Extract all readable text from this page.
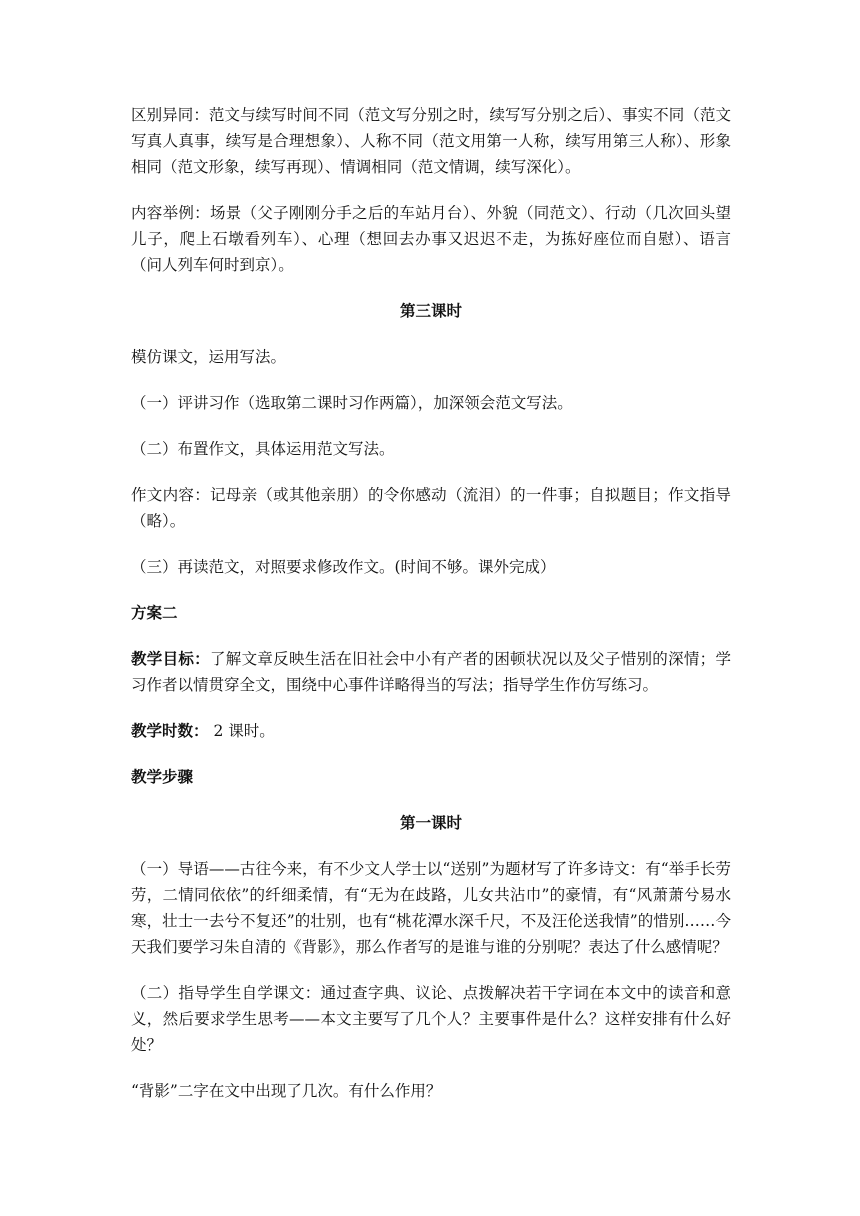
区别异同：范文与续写时间不同（范文写分别之时，续写写分别之后）、事实不同（范文写真人真事，续写是合理想象）、人称不同（范文用第一人称，续写用第三人称）、形象相同（范文形象，续写再现）、情调相同（范文情调，续写深化）。

内容举例：场景（父子刚刚分手之后的车站月台）、外貌（同范文）、行动（几次回头望儿子，爬上石墩看列车）、心理（想回去办事又迟迟不走，为拣好座位而自慰）、语言（问人列车何时到京）。

第三课时

模仿课文，运用写法。

（一）评讲习作（选取第二课时习作两篇），加深领会范文写法。

（二）布置作文，具体运用范文写法。

作文内容：记母亲（或其他亲朋）的令你感动（流泪）的一件事；自拟题目；作文指导（略）。

（三）再读范文，对照要求修改作文。(时间不够。课外完成）

方案二

教学目标：了解文章反映生活在旧社会中小有产者的困顿状况以及父子惜别的深情；学习作者以情贯穿全文，围绕中心事件详略得当的写法；指导学生作仿写练习。

教学时数： 2 课时。

教学步骤

第一课时

（一）导语——古往今来，有不少文人学士以“送别”为题材写了许多诗文：有“举手长劳劳，二情同依依”的纤细柔情，有“无为在歧路，儿女共沾巾”的豪情，有“风萧萧兮易水寒，壮士一去兮不复还”的壮别，也有“桃花潭水深千尺，不及汪伦送我情”的惜别……今天我们要学习朱自清的《背影》，那么作者写的是谁与谁的分别呢？表达了什么感情呢？

（二）指导学生自学课文：通过查字典、议论、点拨解决若干字词在本文中的读音和意义，然后要求学生思考——本文主要写了几个人？主要事件是什么？这样安排有什么好处？

“背影”二字在文中出现了几次。有什么作用？
